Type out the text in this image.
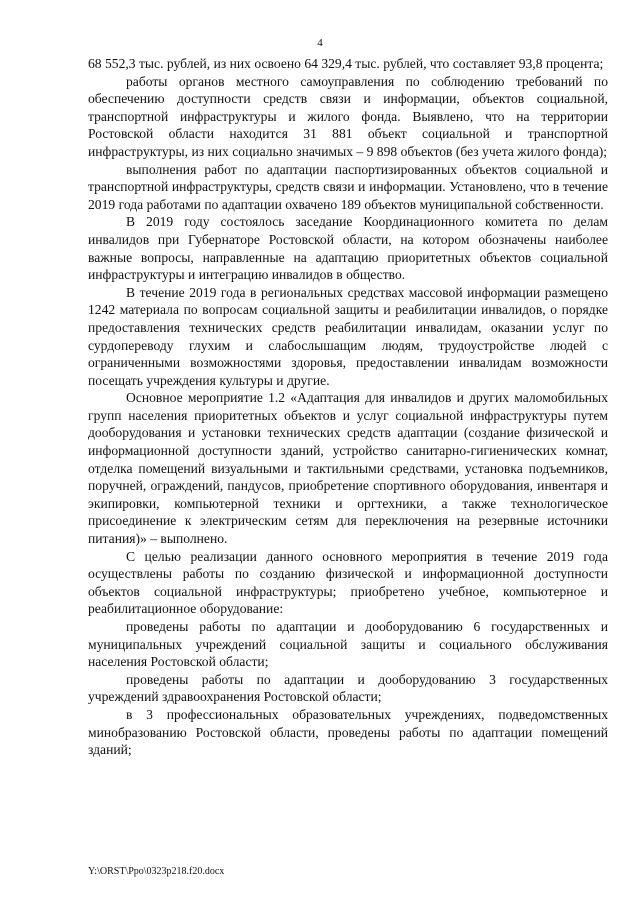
4

68 552,3 тыс. рублей, из них освоено 64 329,4 тыс. рублей, что составляет 93,8 процента;

работы органов местного самоуправления по соблюдению требований по обеспечению доступности средств связи и информации, объектов социальной, транспортной инфраструктуры и жилого фонда. Выявлено, что на территории Ростовской области находится 31 881 объект социальной и транспортной инфраструктуры, из них социально значимых – 9 898 объектов (без учета жилого фонда);

выполнения работ по адаптации паспортизированных объектов социальной и транспортной инфраструктуры, средств связи и информации. Установлено, что в течение 2019 года работами по адаптации охвачено 189 объектов муниципальной собственности.

В 2019 году состоялось заседание Координационного комитета по делам инвалидов при Губернаторе Ростовской области, на котором обозначены наиболее важные вопросы, направленные на адаптацию приоритетных объектов социальной инфраструктуры и интеграцию инвалидов в общество.

В течение 2019 года в региональных средствах массовой информации размещено 1242 материала по вопросам социальной защиты и реабилитации инвалидов, о порядке предоставления технических средств реабилитации инвалидам, оказании услуг по сурдопереводу глухим и слабослышащим людям, трудоустройстве людей с ограниченными возможностями здоровья, предоставлении инвалидам возможности посещать учреждения культуры и другие.

Основное мероприятие 1.2 «Адаптация для инвалидов и других маломобильных групп населения приоритетных объектов и услуг социальной инфраструктуры путем дооборудования и установки технических средств адаптации (создание физической и информационной доступности зданий, устройство санитарно-гигиенических комнат, отделка помещений визуальными и тактильными средствами, установка подъемников, поручней, ограждений, пандусов, приобретение спортивного оборудования, инвентаря и экипировки, компьютерной техники и оргтехники, а также технологическое присоединение к электрическим сетям для переключения на резервные источники питания)» – выполнено.

С целью реализации данного основного мероприятия в течение 2019 года осуществлены работы по созданию физической и информационной доступности объектов социальной инфраструктуры; приобретено учебное, компьютерное и реабилитационное оборудование:

проведены работы по адаптации и дооборудованию 6 государственных и муниципальных учреждений социальной защиты и социального обслуживания населения Ростовской области;

проведены работы по адаптации и дооборудованию 3 государственных учреждений здравоохранения Ростовской области;

в 3 профессиональных образовательных учреждениях, подведомственных минобразованию Ростовской области, проведены работы по адаптации помещений зданий;

Y:\ORST\Ppo\0323p218.f20.docx
